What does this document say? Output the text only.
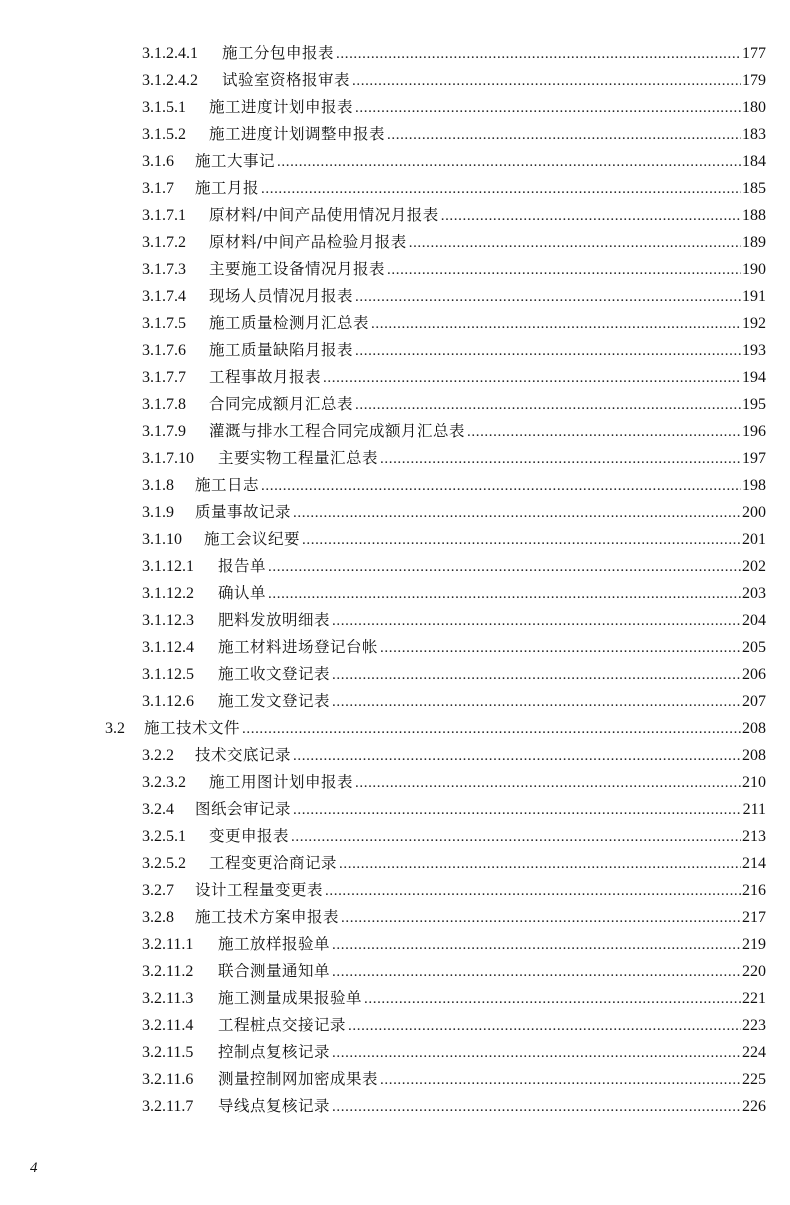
3.1.2.4.1	施工分包申报表 .....	177
3.1.2.4.2	试验室资格报审表 .....	179
3.1.5.1	施工进度计划申报表 .....	180
3.1.5.2	施工进度计划调整申报表 .....	183
3.1.6	施工大事记 .....	184
3.1.7	施工月报 .....	185
3.1.7.1	原材料/中间产品使用情况月报表 .....	188
3.1.7.2	原材料/中间产品检验月报表 .....	189
3.1.7.3	主要施工设备情况月报表 .....	190
3.1.7.4	现场人员情况月报表 .....	191
3.1.7.5	施工质量检测月汇总表 .....	192
3.1.7.6	施工质量缺陷月报表 .....	193
3.1.7.7	工程事故月报表 .....	194
3.1.7.8	合同完成额月汇总表 .....	195
3.1.7.9	灌溉与排水工程合同完成额月汇总表 .....	196
3.1.7.10	主要实物工程量汇总表 .....	197
3.1.8	施工日志 .....	198
3.1.9	质量事故记录 .....	200
3.1.10	施工会议纪要 .....	201
3.1.12.1	报告单 .....	202
3.1.12.2	确认单 .....	203
3.1.12.3	肥料发放明细表 .....	204
3.1.12.4	施工材料进场登记台帐 .....	205
3.1.12.5	施工收文登记表 .....	206
3.1.12.6	施工发文登记表 .....	207
3.2	施工技术文件 .....	208
3.2.2	技术交底记录 .....	208
3.2.3.2	施工用图计划申报表 .....	210
3.2.4	图纸会审记录 .....	211
3.2.5.1	变更申报表 .....	213
3.2.5.2	工程变更洽商记录 .....	214
3.2.7	设计工程量变更表 .....	216
3.2.8	施工技术方案申报表 .....	217
3.2.11.1	施工放样报验单 .....	219
3.2.11.2	联合测量通知单 .....	220
3.2.11.3	施工测量成果报验单 .....	221
3.2.11.4	工程桩点交接记录 .....	223
3.2.11.5	控制点复核记录 .....	224
3.2.11.6	测量控制网加密成果表 .....	225
3.2.11.7	导线点复核记录 .....	226
4
